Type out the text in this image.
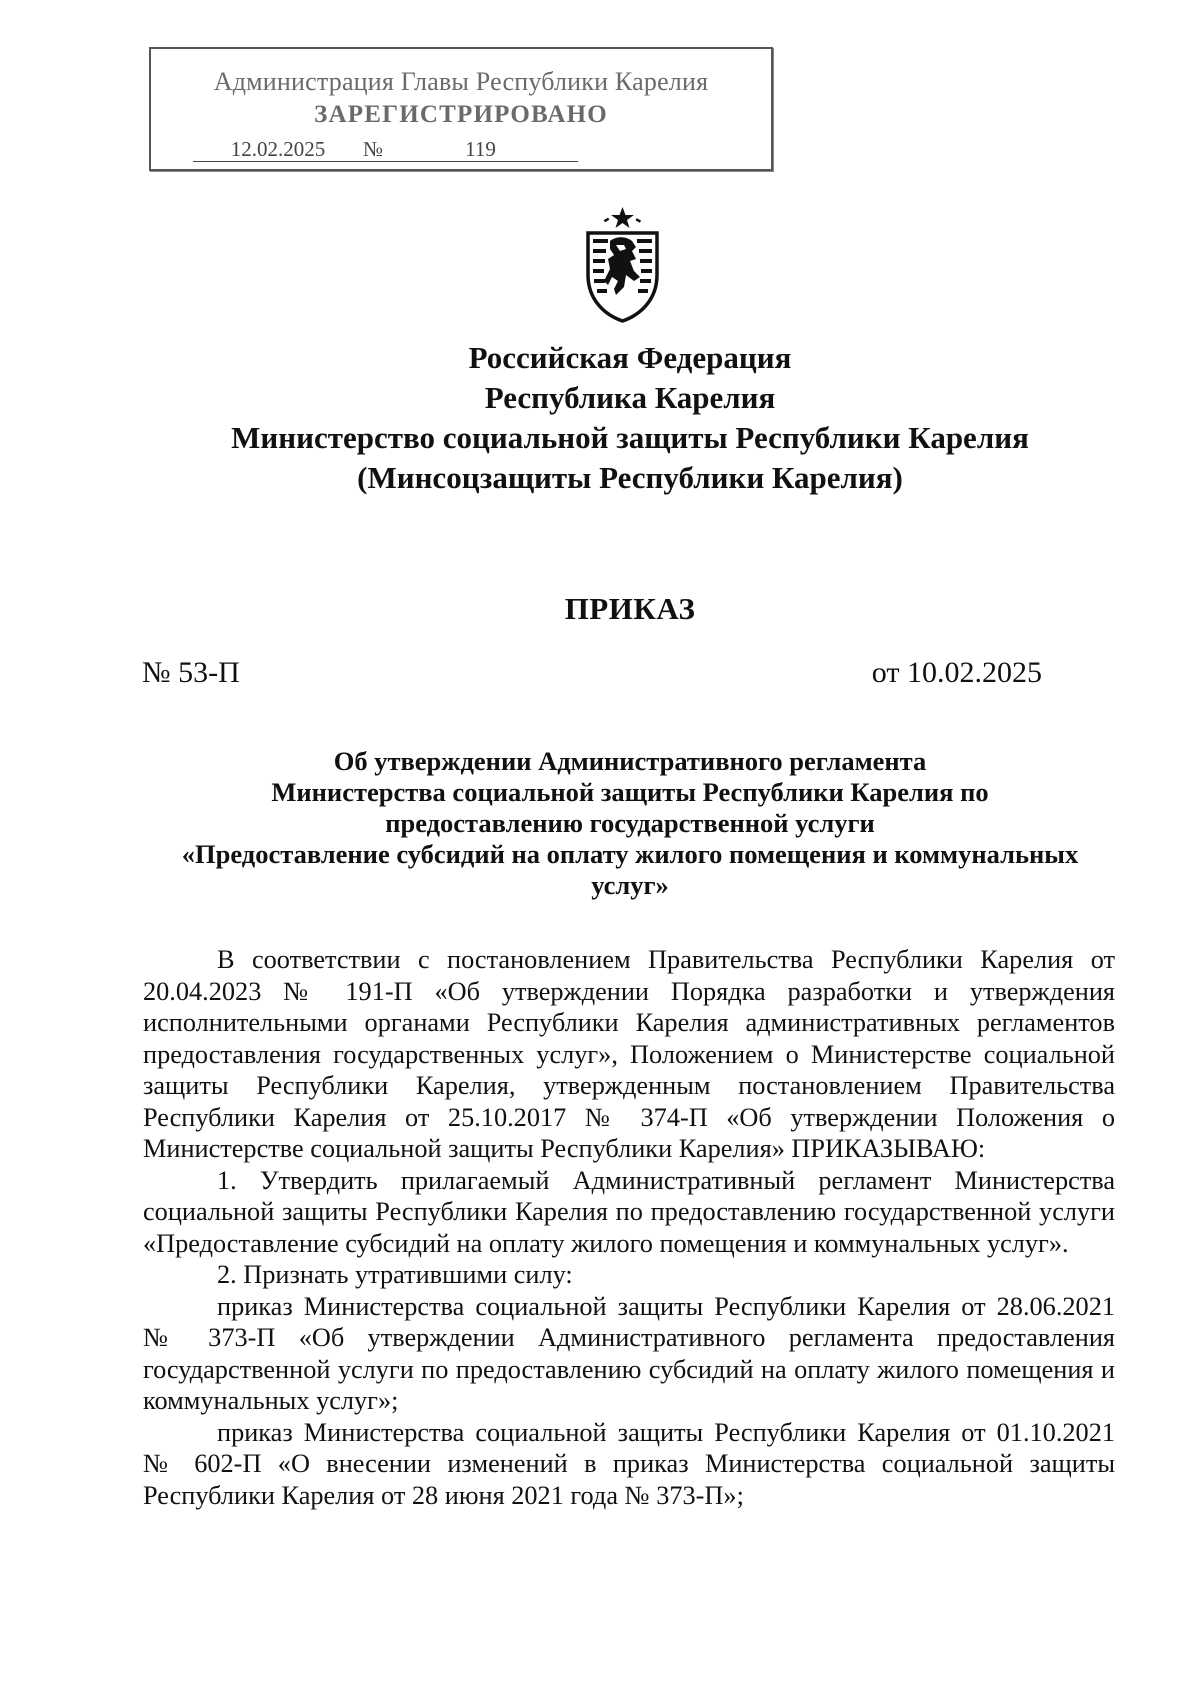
Администрация Главы Республики Карелия
ЗАРЕГИСТРИРОВАНО
12.02.2025 №	119
Российская Федерация
Республика Карелия
Министерство социальной защиты Республики Карелия
(Минсоцзащиты Республики Карелия)
ПРИКАЗ
№ 53-П	от 10.02.2025
Об утверждении Административного регламента
Министерства социальной защиты Республики Карелия по
предоставлению государственной услуги
«Предоставление субсидий на оплату жилого помещения и коммунальных
услуг»

В соответствии с постановлением Правительства Республики Карелия от 20.04.2023 № 191-П «Об утверждении Порядка разработки и утверждения исполнительными органами Республики Карелия административных регламентов предоставления государственных услуг», Положением о Министерстве социальной защиты Республики Карелия, утвержденным постановлением Правительства Республики Карелия от 25.10.2017 № 374-П «Об утверждении Положения о Министерстве социальной защиты Республики Карелия» ПРИКАЗЫВАЮ:

1. Утвердить прилагаемый Административный регламент Министерства социальной защиты Республики Карелия по предоставлению государственной услуги «Предоставление субсидий на оплату жилого помещения и коммунальных услуг».

2. Признать утратившими силу:

приказ Министерства социальной защиты Республики Карелия от 28.06.2021 № 373-П «Об утверждении Административного регламента предоставления государственной услуги по предоставлению субсидий на оплату жилого помещения и коммунальных услуг»;

приказ Министерства социальной защиты Республики Карелия от 01.10.2021 № 602-П «О внесении изменений в приказ Министерства социальной защиты Республики Карелия от 28 июня 2021 года № 373-П»;
